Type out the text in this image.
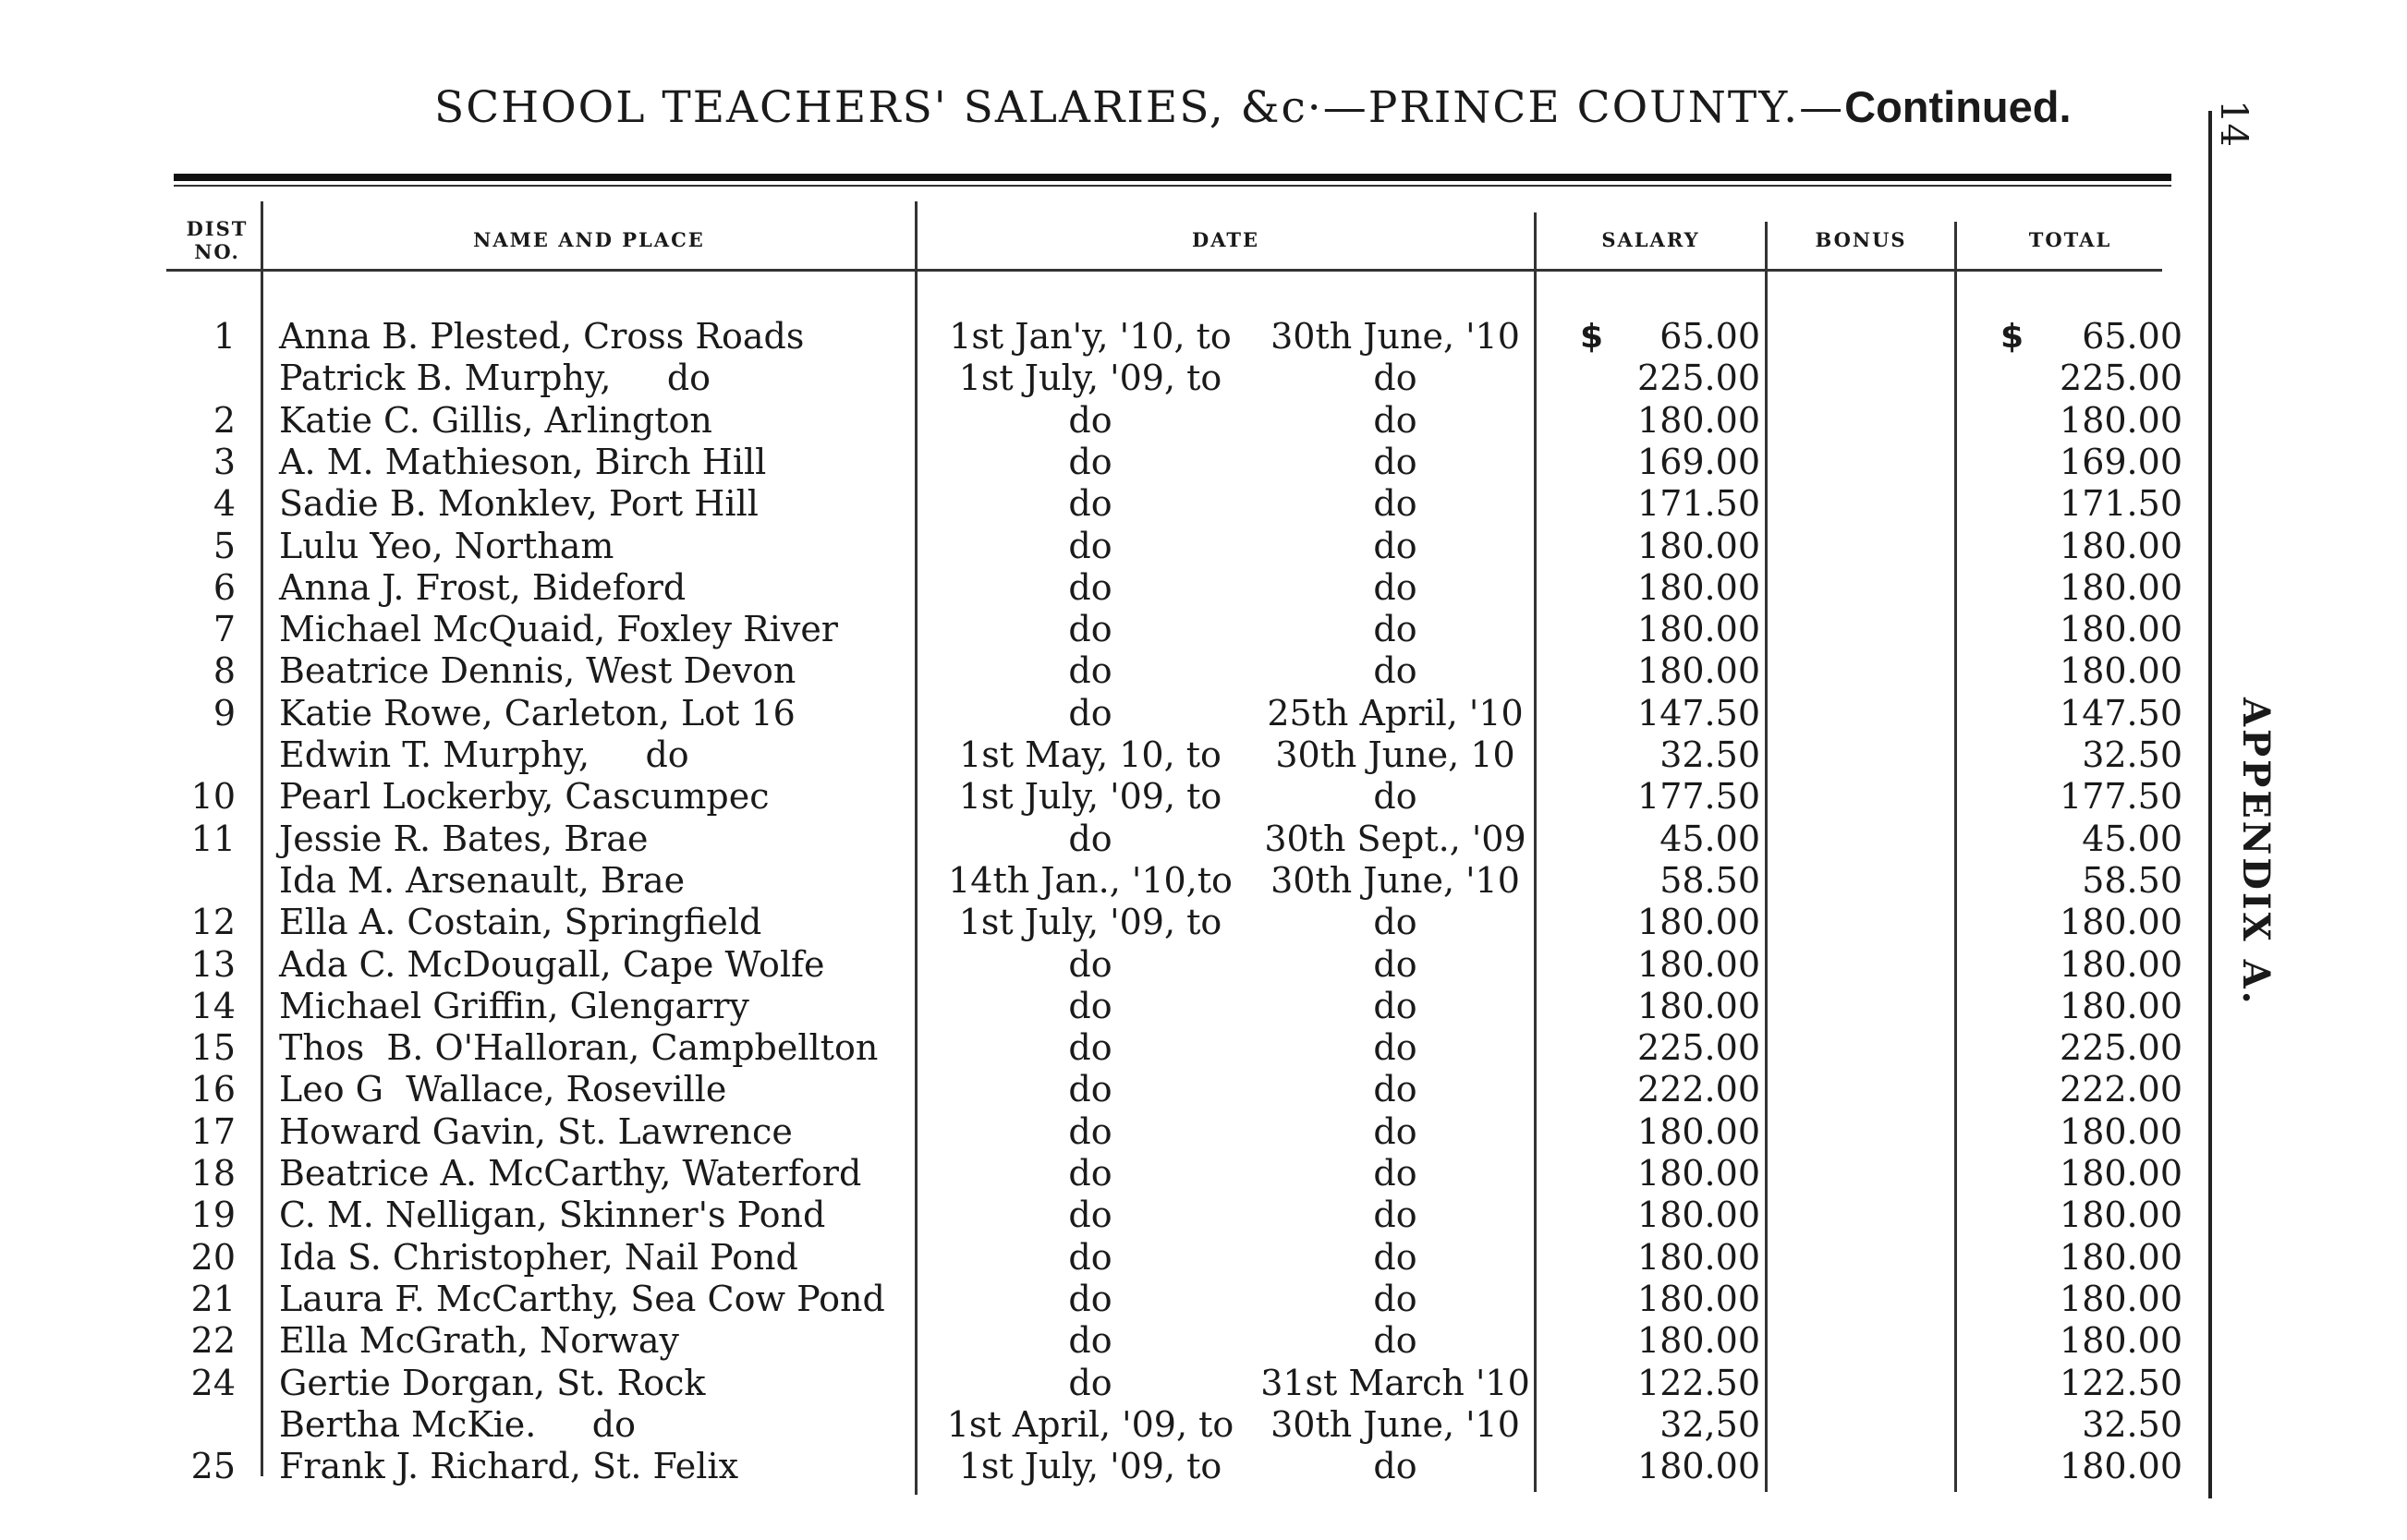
SCHOOL TEACHERS' SALARIES, &c·—PRINCE COUNTY.—Continued.	14
APPENDIX A.
DIST NO.
NAME AND PLACE	DATE	SALARY	BONUS	TOTAL
1 Anna B. Plested, Cross Roads	1st Jan'y, '10, to	30th June, '10	65.00	65.00
$	$
Patrick B. Murphy,     do	1st July, '09, to	do	225.00	225.00
2 Katie C. Gillis, Arlington	do	do	180.00	180.00
3 A. M. Mathieson, Birch Hill	do	do	169.00	169.00
4 Sadie B. Monklev, Port Hill	do	do	171.50	171.50
5 Lulu Yeo, Northam	do	do	180.00	180.00
6 Anna J. Frost, Bideford	do	do	180.00	180.00
7 Michael McQuaid, Foxley River	do	do	180.00	180.00
8 Beatrice Dennis, West Devon	do	do	180.00	180.00
9 Katie Rowe, Carleton, Lot 16	do	25th April, '10	147.50	147.50
Edwin T. Murphy,     do	1st May, 10, to	30th June, 10	32.50	32.50
10 Pearl Lockerby, Cascumpec	1st July, '09, to	do	177.50	177.50
11 Jessie R. Bates, Brae	do	30th Sept., '09	45.00	45.00
Ida M. Arsenault, Brae	14th Jan., '10,to	30th June, '10	58.50	58.50
12 Ella A. Costain, Springfield	1st July, '09, to	do	180.00	180.00
13 Ada C. McDougall, Cape Wolfe	do	do	180.00	180.00
14 Michael Griffin, Glengarry	do	do	180.00	180.00
15 Thos  B. O'Halloran, Campbellton	do	do	225.00	225.00
16 Leo G  Wallace, Roseville	do	do	222.00	222.00
17 Howard Gavin, St. Lawrence	do	do	180.00	180.00
18 Beatrice A. McCarthy, Waterford	do	do	180.00	180.00
19 C. M. Nelligan, Skinner's Pond	do	do	180.00	180.00
20 Ida S. Christopher, Nail Pond	do	do	180.00	180.00
21 Laura F. McCarthy, Sea Cow Pond	do	do	180.00	180.00
22 Ella McGrath, Norway	do	do	180.00	180.00
24 Gertie Dorgan, St. Rock	do	31st March '10	122.50	122.50
Bertha McKie.     do	1st April, '09, to	30th June, '10	32,50	32.50
25 Frank J. Richard, St. Felix	1st July, '09, to	do	180.00	180.00
